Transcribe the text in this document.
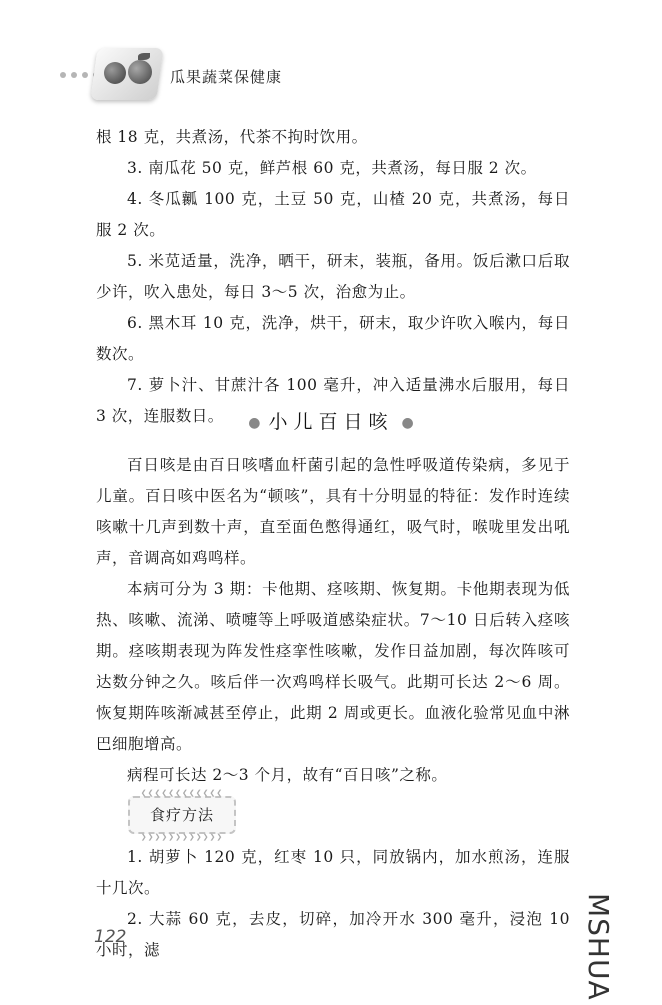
瓜果蔬菜保健康

根 18 克，共煮汤，代茶不拘时饮用。

3. 南瓜花 50 克，鲜芦根 60 克，共煮汤，每日服 2 次。

4. 冬瓜瓤 100 克，土豆 50 克，山楂 20 克，共煮汤，每日服 2 次。

5. 米苋适量，洗净，晒干，研末，装瓶，备用。饭后漱口后取少许，吹入患处，每日 3～5 次，治愈为止。

6. 黑木耳 10 克，洗净，烘干，研末，取少许吹入喉内，每日数次。

7. 萝卜汁、甘蔗汁各 100 毫升，冲入适量沸水后服用，每日 3 次，连服数日。	● 小儿百日咳 ●

百日咳是由百日咳嗜血杆菌引起的急性呼吸道传染病，多见于儿童。百日咳中医名为“顿咳”，具有十分明显的特征：发作时连续咳嗽十几声到数十声，直至面色憋得通红，吸气时，喉咙里发出吼声，音调高如鸡鸣样。

本病可分为 3 期：卡他期、痉咳期、恢复期。卡他期表现为低热、咳嗽、流涕、喷嚏等上呼吸道感染症状。7～10 日后转入痉咳期。痉咳期表现为阵发性痉挛性咳嗽，发作日益加剧，每次阵咳可达数分钟之久。咳后伴一次鸡鸣样长吸气。此期可长达 2～6 周。恢复期阵咳渐减甚至停止，此期 2 周或更长。血液化验常见血中淋巴细胞增高。

病程可长达 2～3 个月，故有“百日咳”之称。

❮❮❮❮❮❮❮❮❮❮❮❮
食疗方法
❯❯❯❯❯❯❯❯❯❯❯❯

1. 胡萝卜 120 克，红枣 10 只，同放锅内，加水煎汤，连服十几次。

2. 大蒜 60 克，去皮，切碎，加冷开水 300 毫升，浸泡 10 小时，滤

122	MSHUA
